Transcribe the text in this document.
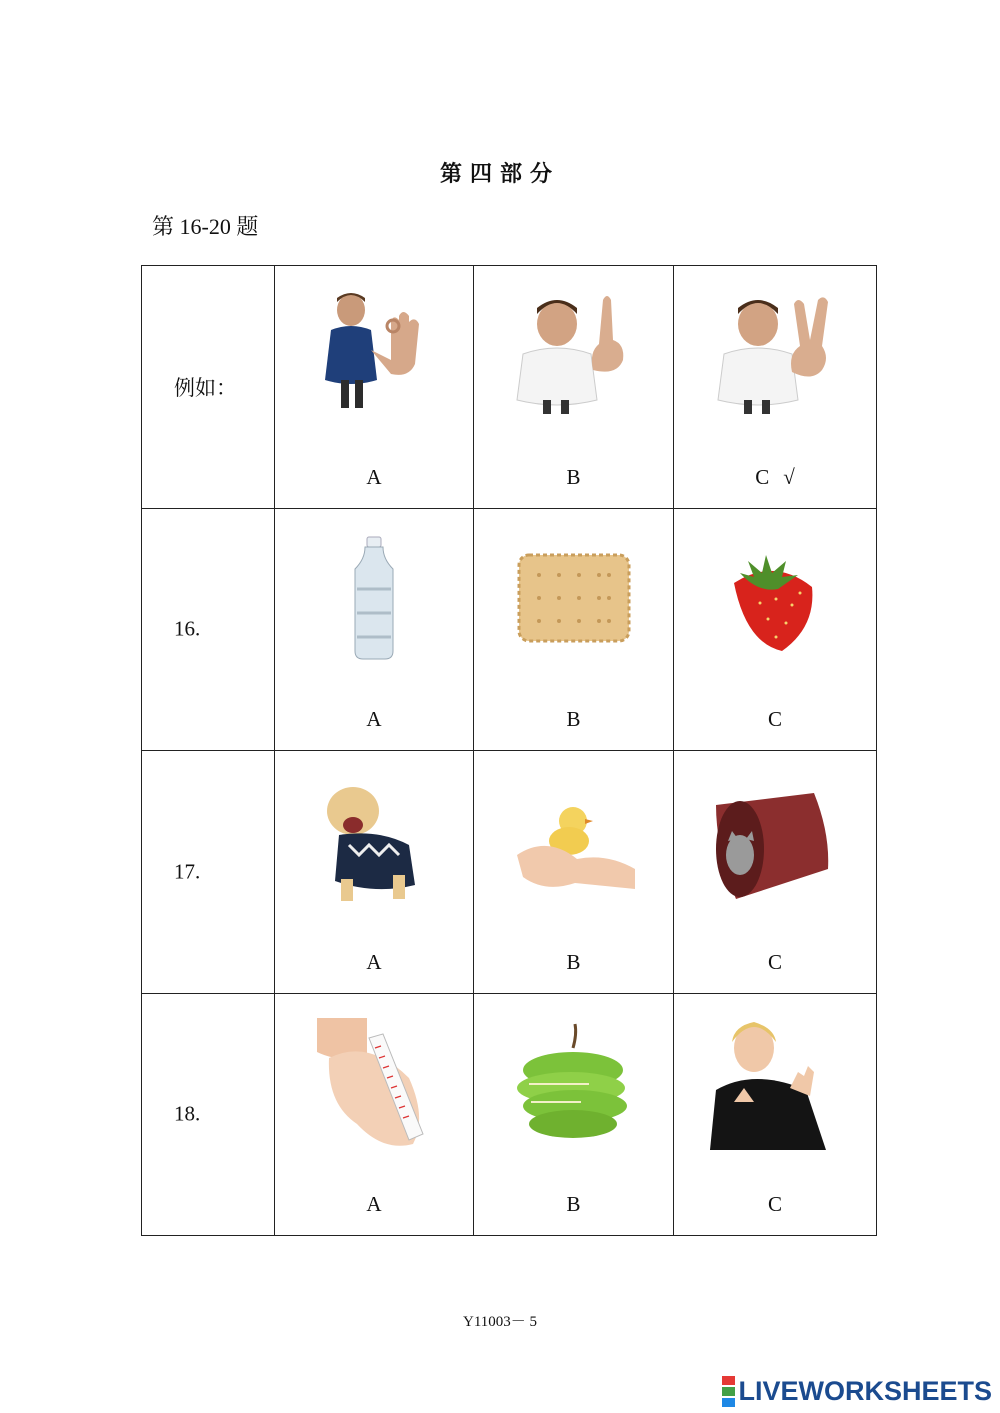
第四部分
第 16-20 题
例如：	A	B	C √

16.	A	B	C

17.	A	B	C

18.	A	B	C
Y11003－ 5
LIVEWORKSHEETS
